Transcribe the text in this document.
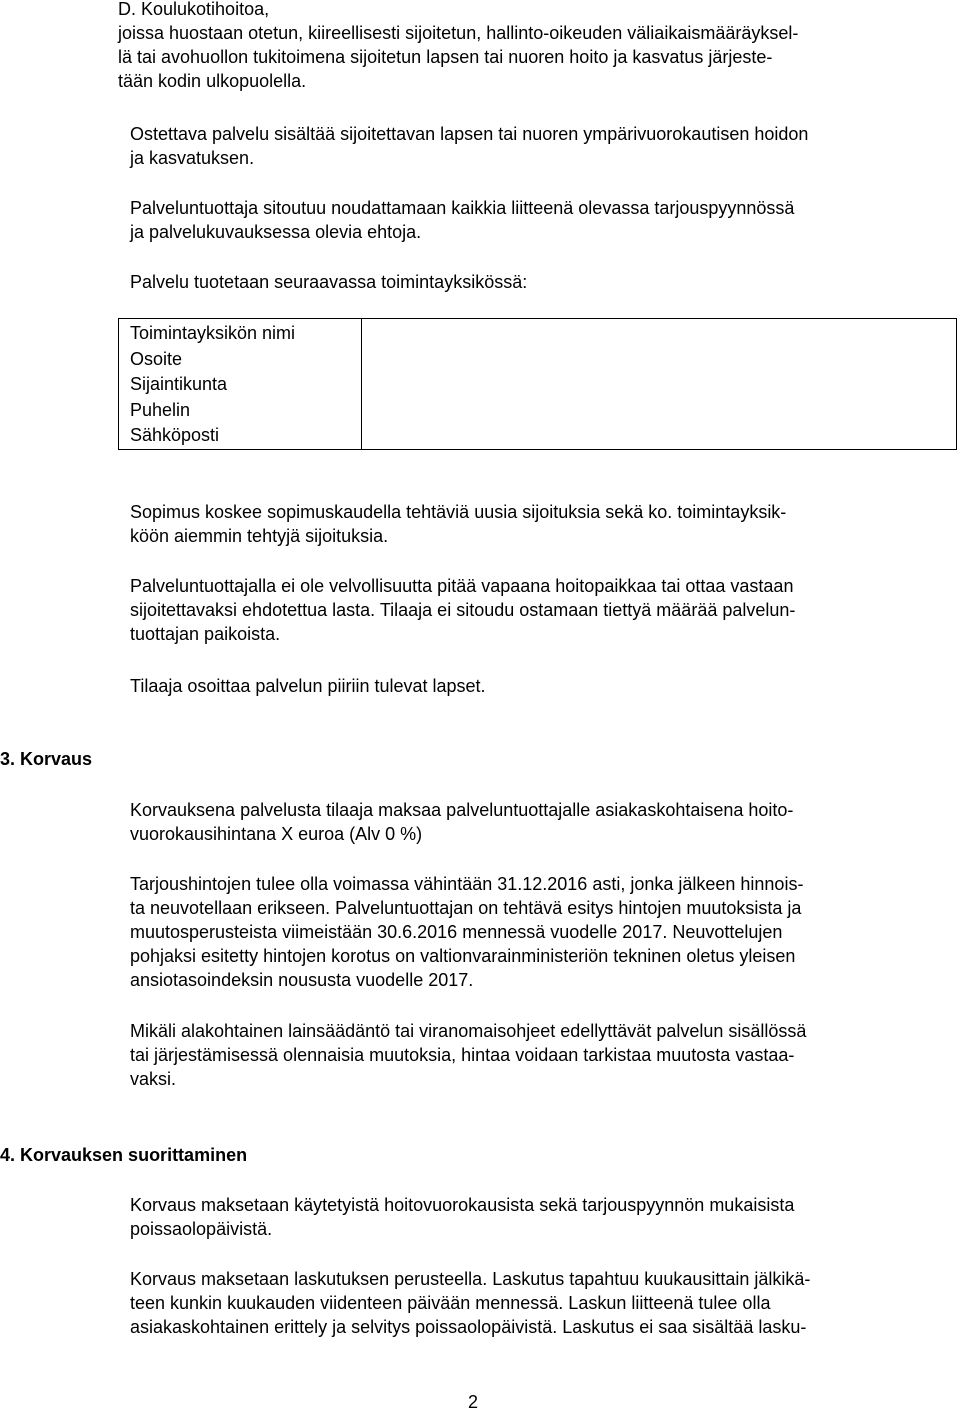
D. Koulukotihoitoa,
joissa huostaan otetun, kiireellisesti sijoitetun, hallinto-oikeuden väliaikaismääräyksel-
lä tai avohuollon tukitoimena sijoitetun lapsen tai nuoren hoito ja kasvatus järjeste-
tään kodin ulkopuolella.
Ostettava palvelu sisältää sijoitettavan lapsen tai nuoren ympärivuorokautisen hoidon
ja kasvatuksen.
Palveluntuottaja sitoutuu noudattamaan kaikkia liitteenä olevassa tarjouspyynnössä
ja palvelukuvauksessa olevia ehtoja.
Palvelu tuotetaan seuraavassa toimintayksikössä:
Toimintayksikön nimi
Osoite
Sijaintikunta
Puhelin
Sähköposti

Sopimus koskee sopimuskaudella tehtäviä uusia sijoituksia sekä ko. toimintayksik-
köön aiemmin tehtyjä sijoituksia.
Palveluntuottajalla ei ole velvollisuutta pitää vapaana hoitopaikkaa tai ottaa vastaan
sijoitettavaksi ehdotettua lasta. Tilaaja ei sitoudu ostamaan tiettyä määrää palvelun-
tuottajan paikoista.
Tilaaja osoittaa palvelun piiriin tulevat lapset.
3. Korvaus
Korvauksena palvelusta tilaaja maksaa palveluntuottajalle asiakaskohtaisena hoito-
vuorokausihintana X euroa (Alv 0 %)
Tarjoushintojen tulee olla voimassa vähintään 31.12.2016 asti, jonka jälkeen hinnois-
ta neuvotellaan erikseen. Palveluntuottajan on tehtävä esitys hintojen muutoksista ja
muutosperusteista viimeistään 30.6.2016 mennessä vuodelle 2017. Neuvottelujen
pohjaksi esitetty hintojen korotus on valtionvarainministeriön tekninen oletus yleisen
ansiotasoindeksin noususta vuodelle 2017.
Mikäli alakohtainen lainsäädäntö tai viranomaisohjeet edellyttävät palvelun sisällössä
tai järjestämisessä olennaisia muutoksia, hintaa voidaan tarkistaa muutosta vastaa-
vaksi.
4. Korvauksen suorittaminen
Korvaus maksetaan käytetyistä hoitovuorokausista sekä tarjouspyynnön mukaisista
poissaolopäivistä.
Korvaus maksetaan laskutuksen perusteella. Laskutus tapahtuu kuukausittain jälkikä-
teen kunkin kuukauden viidenteen päivään mennessä. Laskun liitteenä tulee olla
asiakaskohtainen erittely ja selvitys poissaolopäivistä. Laskutus ei saa sisältää lasku-
2
